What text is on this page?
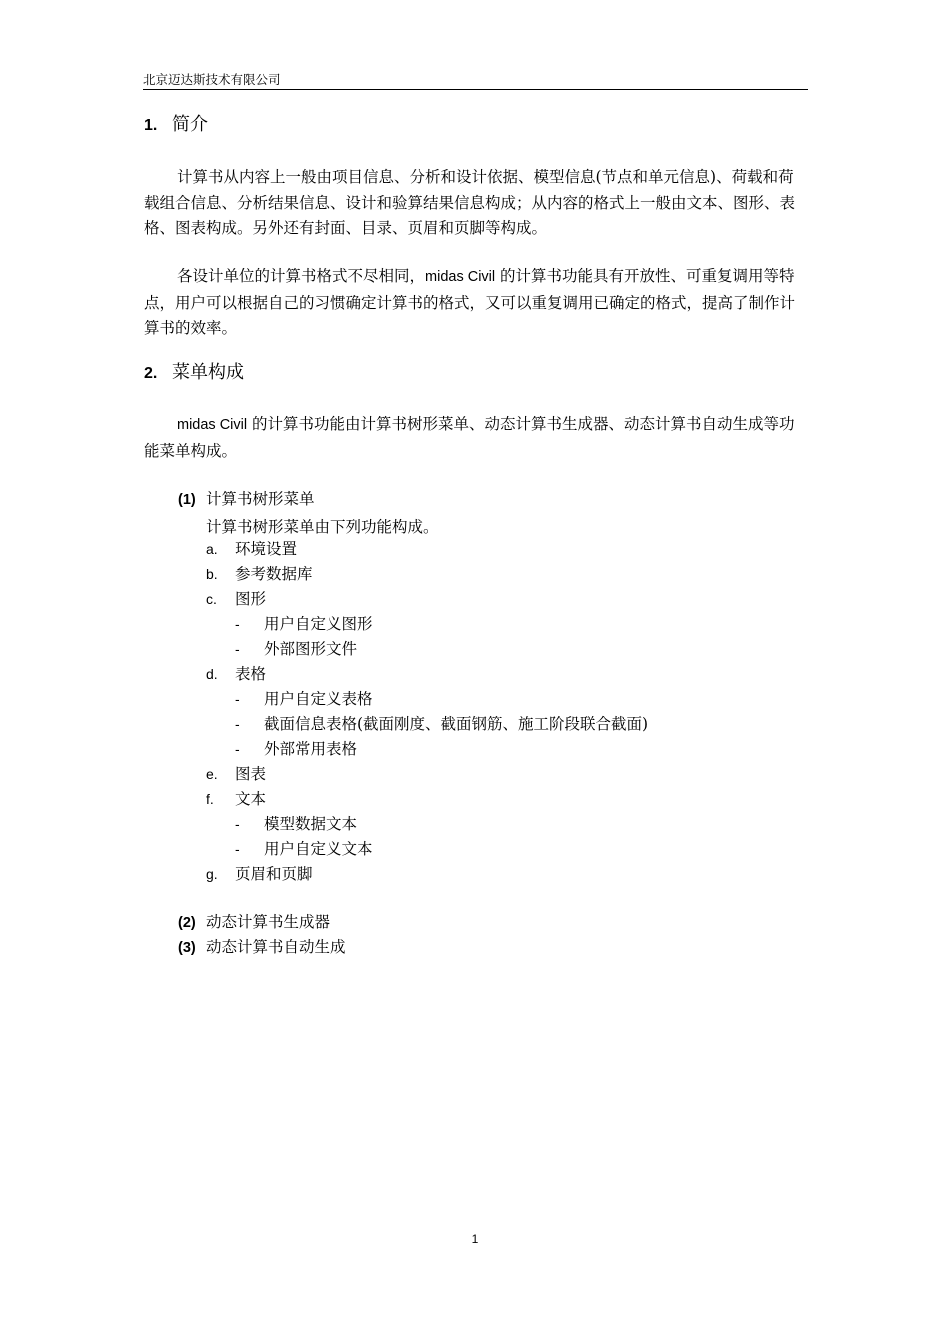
北京迈达斯技术有限公司
1. 简介

计算书从内容上一般由项目信息、分析和设计依据、模型信息(节点和单元信息)、荷载和荷载组合信息、分析结果信息、设计和验算结果信息构成；从内容的格式上一般由文本、图形、表格、图表构成。另外还有封面、目录、页眉和页脚等构成。

各设计单位的计算书格式不尽相同，midas Civil 的计算书功能具有开放性、可重复调用等特点，用户可以根据自己的习惯确定计算书的格式，又可以重复调用已确定的格式，提高了制作计算书的效率。

2. 菜单构成

midas Civil 的计算书功能由计算书树形菜单、动态计算书生成器、动态计算书自动生成等功能菜单构成。

(1) 计算书树形菜单
计算书树形菜单由下列功能构成。
a. 环境设置
b. 参考数据库
c. 图形
- 用户自定义图形
- 外部图形文件
d. 表格
- 用户自定义表格
- 截面信息表格(截面刚度、截面钢筋、施工阶段联合截面)
- 外部常用表格
e. 图表
f. 文本
- 模型数据文本
- 用户自定义文本
g. 页眉和页脚
(2) 动态计算书生成器
(3) 动态计算书自动生成
1
